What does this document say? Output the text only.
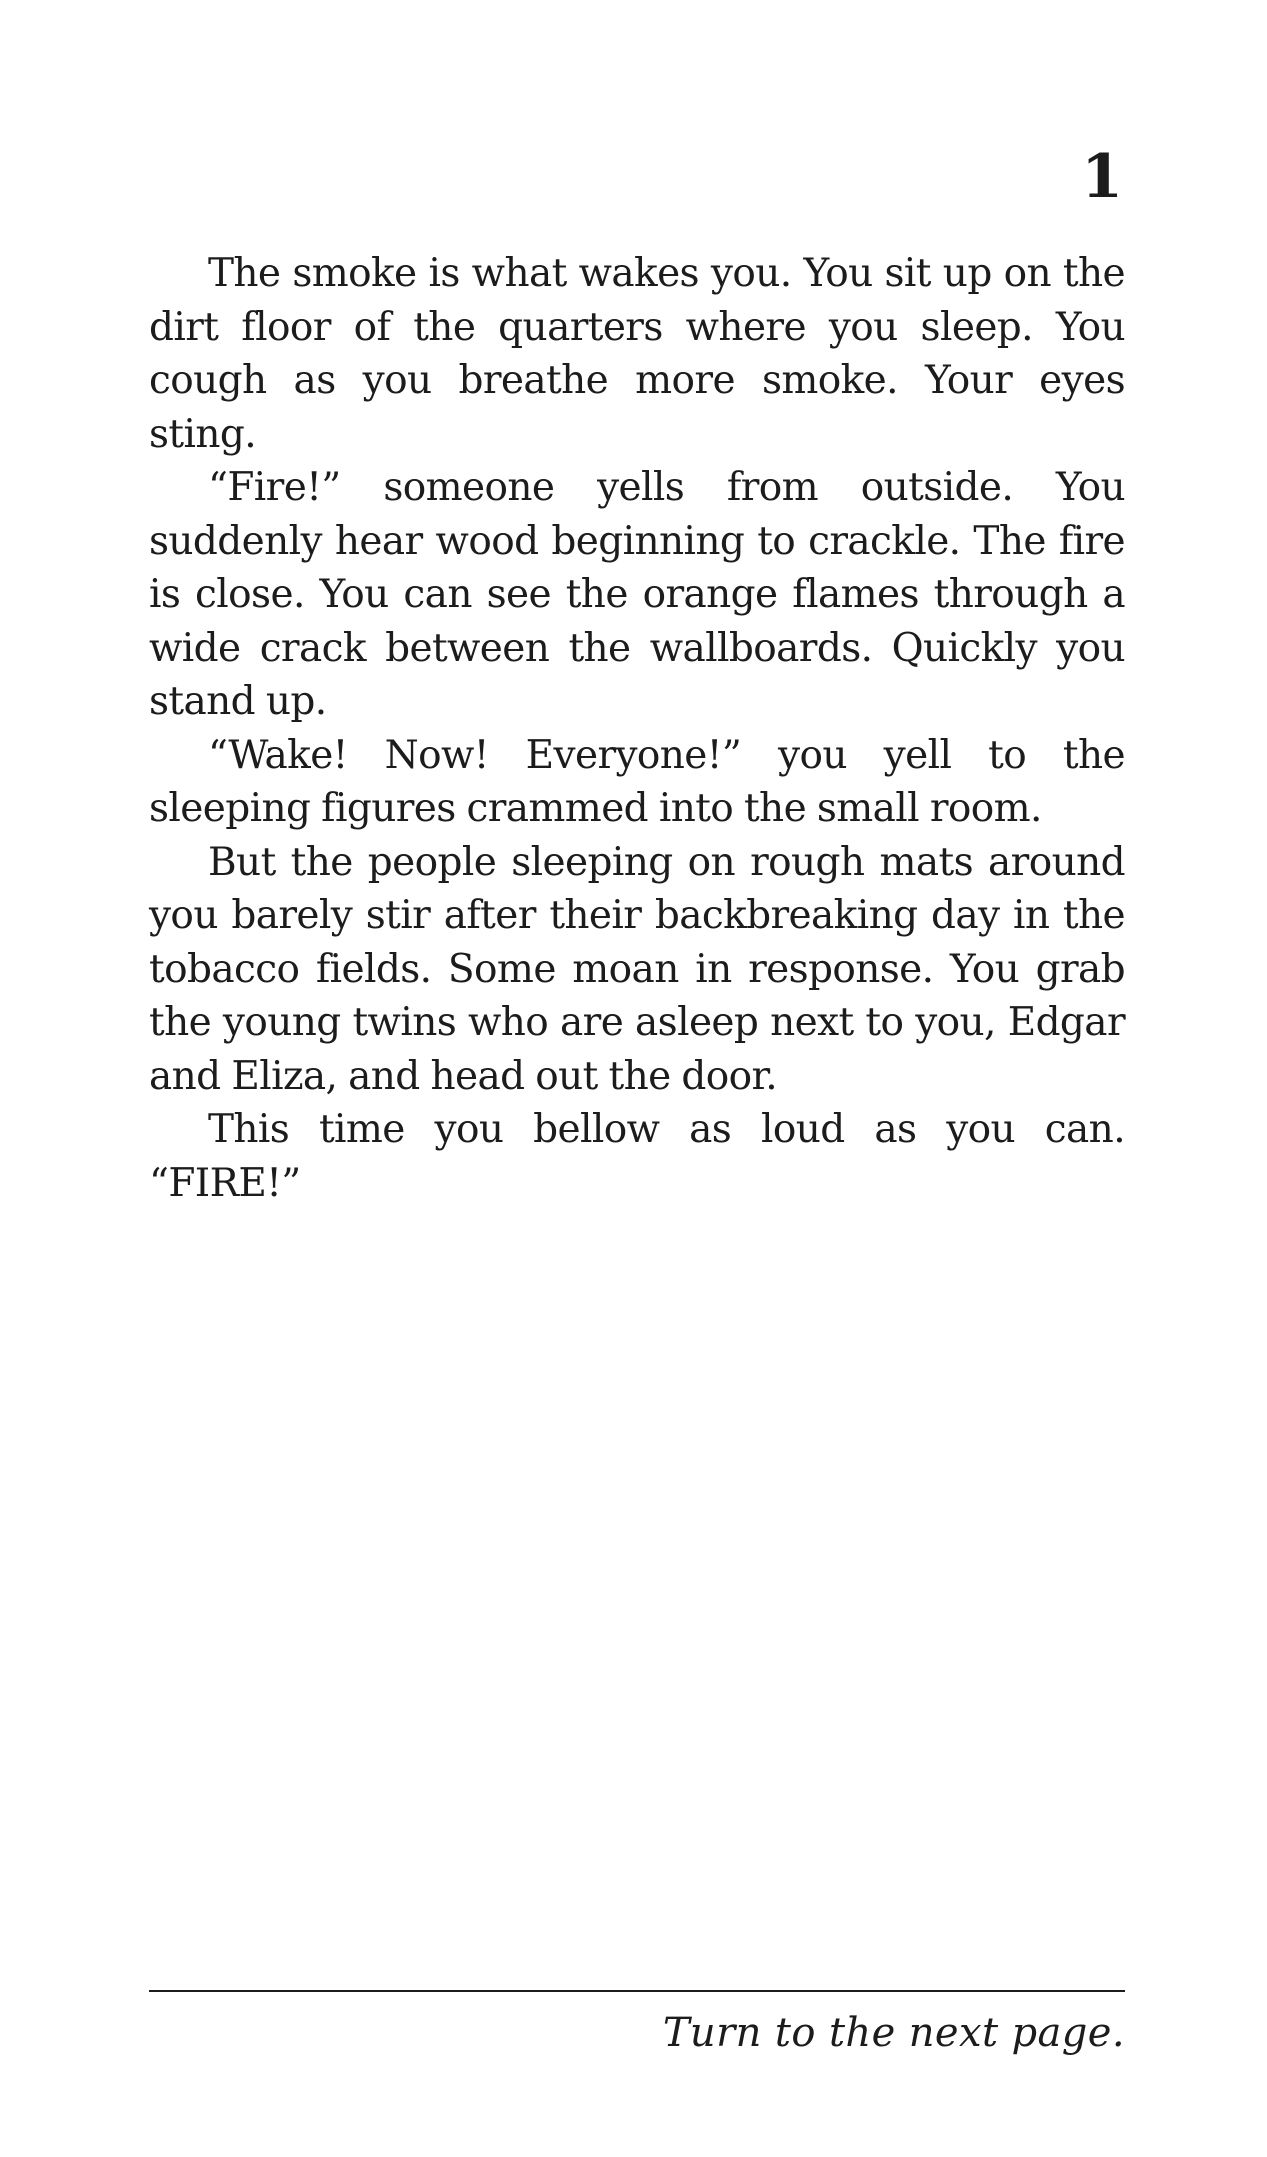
1

The smoke is what wakes you. You sit up on the dirt floor of the quarters where you sleep. You cough as you breathe more smoke. Your eyes sting.

“Fire!” someone yells from outside. You suddenly hear wood beginning to crackle. The fire is close. You can see the orange flames through a wide crack between the wallboards. Quickly you stand up.

“Wake! Now! Everyone!” you yell to the sleeping figures crammed into the small room.

But the people sleeping on rough mats around you barely stir after their backbreaking day in the tobacco fields. Some moan in response. You grab the young twins who are asleep next to you, Edgar and Eliza, and head out the door.

This time you bellow as loud as you can. “FIRE!”

Turn to the next page.
